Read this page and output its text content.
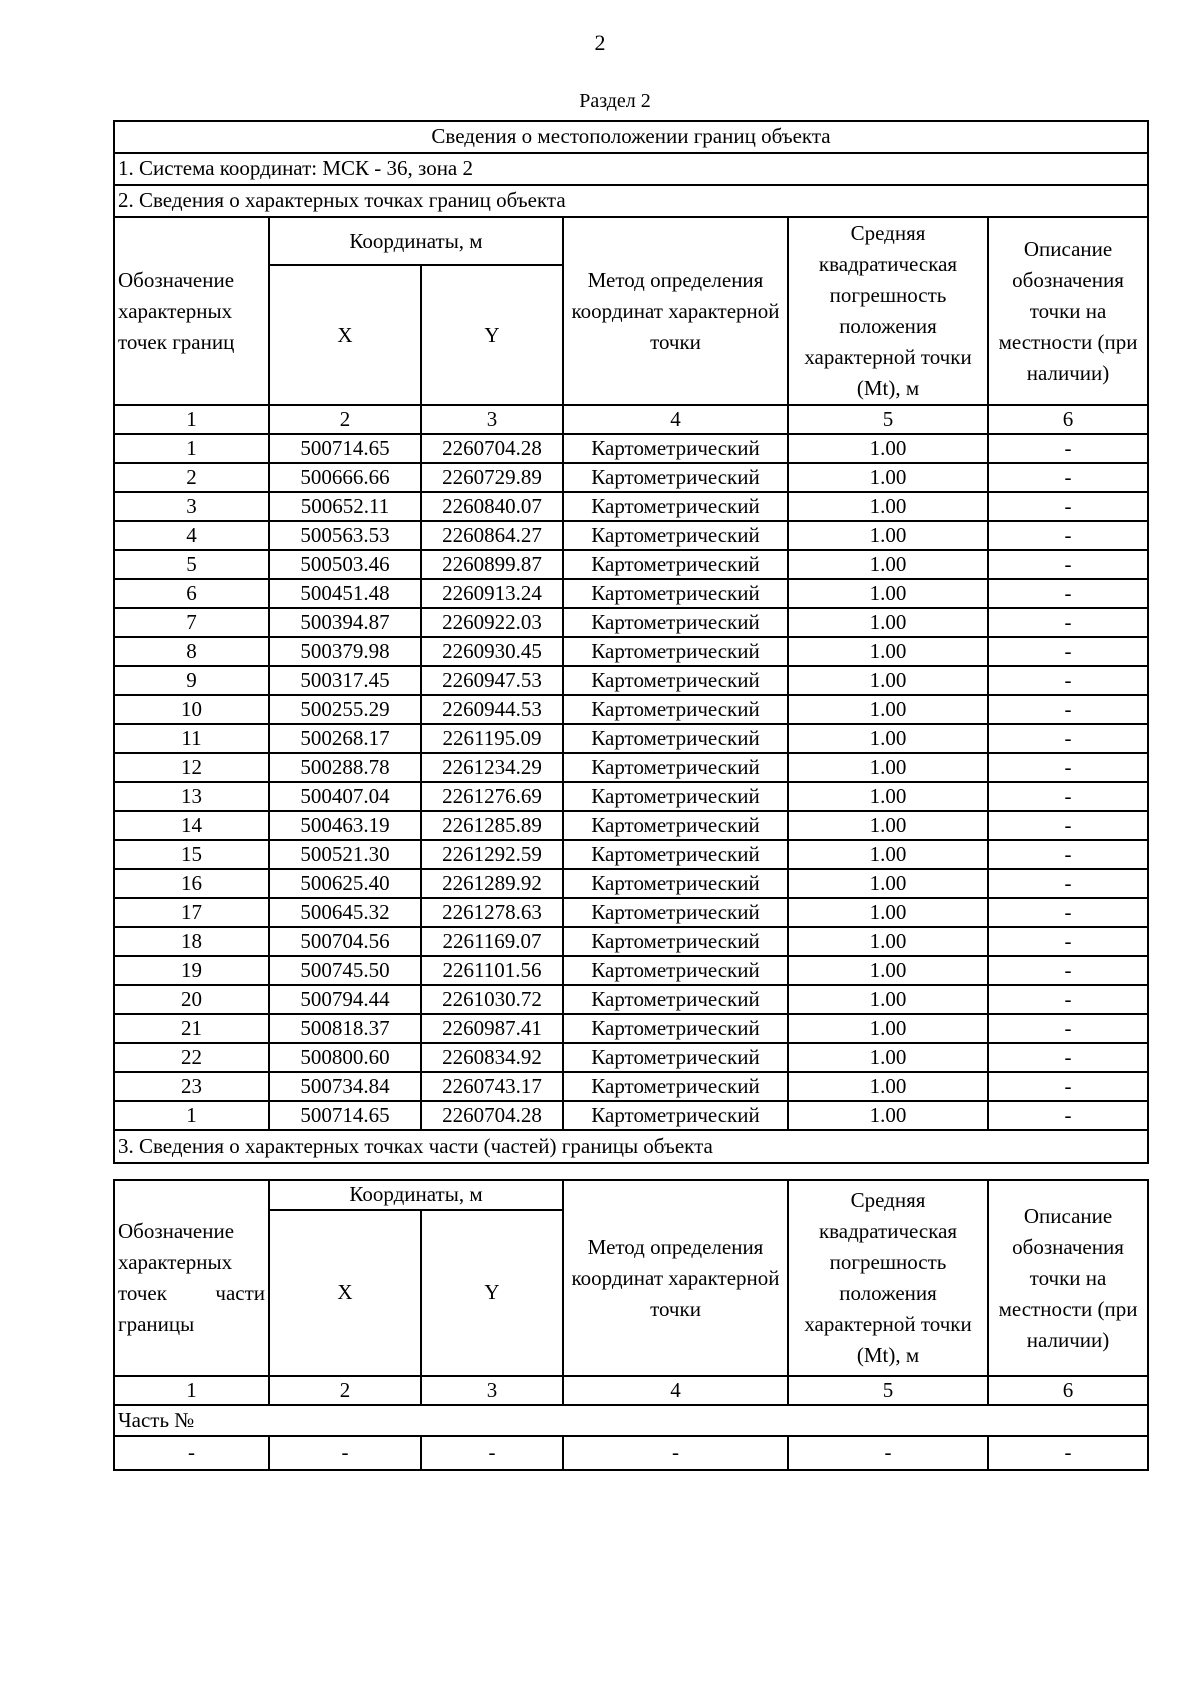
2
Раздел 2
Сведения о местоположении границ объекта					
1. Система координат: МСК - 36, зона 2					
2. Сведения о характерных точках границ объекта					
Обозначение характерных точек границ	Координаты, м		Метод определения координат характерной точки	Средняя квадратическая погрешность положения характерной точки (Mt), м	Описание обозначения точки на местности (при наличии)
	X	Y			
1	2	3	4	5	6
1	500714.65	2260704.28	Картометрический	1.00	-
2	500666.66	2260729.89	Картометрический	1.00	-
3	500652.11	2260840.07	Картометрический	1.00	-
4	500563.53	2260864.27	Картометрический	1.00	-
5	500503.46	2260899.87	Картометрический	1.00	-
6	500451.48	2260913.24	Картометрический	1.00	-
7	500394.87	2260922.03	Картометрический	1.00	-
8	500379.98	2260930.45	Картометрический	1.00	-
9	500317.45	2260947.53	Картометрический	1.00	-
10	500255.29	2260944.53	Картометрический	1.00	-
11	500268.17	2261195.09	Картометрический	1.00	-
12	500288.78	2261234.29	Картометрический	1.00	-
13	500407.04	2261276.69	Картометрический	1.00	-
14	500463.19	2261285.89	Картометрический	1.00	-
15	500521.30	2261292.59	Картометрический	1.00	-
16	500625.40	2261289.92	Картометрический	1.00	-
17	500645.32	2261278.63	Картометрический	1.00	-
18	500704.56	2261169.07	Картометрический	1.00	-
19	500745.50	2261101.56	Картометрический	1.00	-
20	500794.44	2261030.72	Картометрический	1.00	-
21	500818.37	2260987.41	Картометрический	1.00	-
22	500800.60	2260834.92	Картометрический	1.00	-
23	500734.84	2260743.17	Картометрический	1.00	-
1	500714.65	2260704.28	Картометрический	1.00	-
3. Сведения о характерных точках части (частей) границы объекта					
Обозначение характерных точек части границы	Координаты, м		Метод определения координат характерной точки	Средняя квадратическая погрешность положения характерной точки (Mt), м	Описание обозначения точки на местности (при наличии)
	X	Y			
1	2	3	4	5	6
Часть №					
-	-	-	-	-	-
